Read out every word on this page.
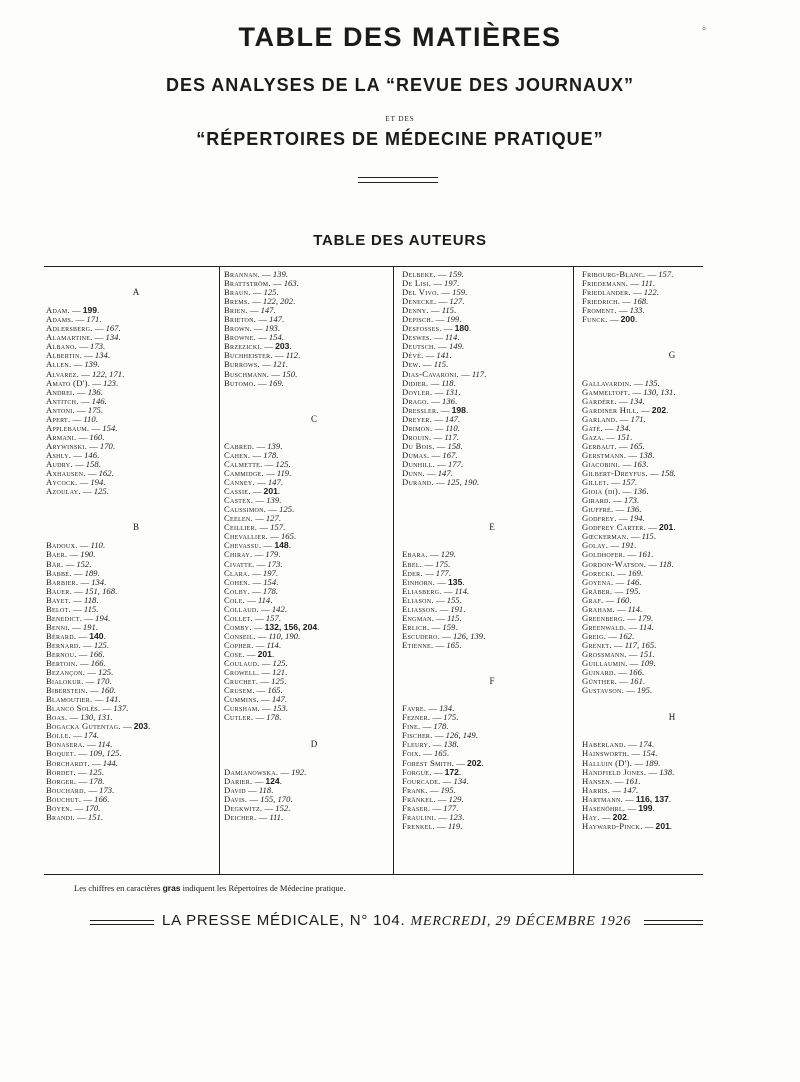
°
TABLE DES MATIÈRES
DES ANALYSES DE LA “REVUE DES JOURNAUX”
ET DES
“RÉPERTOIRES DE MÉDECINE PRATIQUE”
TABLE DES AUTEURS
A
Adam. — 199.
Adams. — 171.
Adlersberg. — 167.
Alamartine. — 134.
Albano. — 173.
Albertin. — 134.
Allen. — 139.
Alvarez. — 122, 171.
Amato (D'). — 123.
Andrei. — 136.
Antitch. — 146.
Antoni. — 175.
Apert. — 110.
Applebaum. — 154.
Armani. — 160.
Arywinski. — 170.
Ashly. — 146.
Audry. — 158.
Axhausen. — 162.
Aycock. — 194.
Azoulay. — 125.
B
Badoux. — 110.
Baer. — 190.
Bär. — 152.
Babbé. — 189.
Barbier. — 134.
Bauer. — 151, 168.
Bayet. — 118.
Belot. — 115.
Benedict. — 194.
Benni. — 191.
Bérard. — 140.
Bernard. — 125.
Bernou. — 166.
Bertoin. — 166.
Bezançon. — 125.
Bialokur. — 170.
Biberstein. — 160.
Blamoutier. — 141.
Blanco Solès. — 137.
Boas. — 130, 131.
Bogacka Gutentag. — 203.
Bolle. — 174.
Bonasera. — 114.
Boquet. — 109, 125.
Borchardt. — 144.
Bordet. — 125.
Borger. — 178.
Bouchard. — 173.
Bouchut. — 166.
Boyen. — 170.
Brandi. — 151.
Brannan. — 139.
Brattström. — 163.
Braun. — 125.
Brems. — 122, 202.
Brien. — 147.
Brieton. — 147.
Brown. — 193.
Browne. — 154.
Brzezicki. — 203.
Buchheister. — 112.
Burrows. — 121.
Buschmann. — 150.
Butomo. — 169.
C
Cabred. — 139.
Cahen. — 178.
Calmette. — 125.
Cammidge. — 119.
Canney. — 147.
Cassie. — 201.
Castex. — 139.
Caussimon. — 125.
Ceelen. — 127.
Ceillier. — 157.
Chevallier. — 165.
Chevassu. — 148.
Chiray. — 179.
Civatte. — 173.
Clara. — 197.
Cohen. — 154.
Colby. — 178.
Cole. — 114.
Collaud. — 142.
Collet. — 157.
Comby. — 132, 156, 204.
Conseil. — 110, 190.
Copher. — 114.
Cose. — 201.
Coulaud. — 125.
Crowell. — 121.
Cruchet. — 125.
Crusem. — 165.
Cummins. — 147.
Cursham. — 153.
Cutler. — 178.
D
Damianowska. — 192.
Darier. — 124.
David — 118.
Davis. — 155, 170.
Degkwitz. — 152.
Deicher. — 111.
Delbeke. — 159.
De Lisi. — 197.
Del Vivo. — 159.
Denecke. — 127.
Denny. — 115.
Depisch. — 199.
Desfosses. — 180.
Deswes. — 114.
Deutsch. — 149.
Dévé. — 141.
Dew. — 115.
Dias-Cavaroni. — 117.
Didier. — 118.
Doyler. — 131.
Drago. — 136.
Dressler. — 198.
Dreyer. — 147.
Drimon. — 110.
Drouin. — 117.
Du Bois. — 158.
Dumas. — 167.
Dunhill. — 177.
Dunn. — 147.
Durand. — 125, 190.
E
Ebara. — 129.
Ebel. — 175.
Eder. — 177.
Einhorn. — 135.
Eliasberg. — 114.
Eliason. — 155.
Eliasson. — 191.
Engman. — 115.
Erlich. — 159.
Escudero. — 126, 139.
Etienne. — 165.
F
Favre. — 134.
Fezner. — 175.
Fine. — 178.
Fischer. — 126, 149.
Fleury. — 138.
Foix. — 165.
Forest Smith. — 202.
Forgue. — 172.
Fourcade. — 134.
Frank. — 195.
Fränkel. — 129.
Fraser. — 177.
Fraulini. — 123.
Frenkel. — 119.
Fribourg-Blanc. — 157.
Friedemann. — 111.
Friedlander. — 122.
Friedrich. — 168.
Froment. — 133.
Funck. — 200.
G
Gallavardin. — 135.
Gammeltoft. — 130, 131.
Gardère. — 134.
Gardiner Hill. — 202.
Garland. — 171.
Gaté. — 134.
Gaza. — 151.
Gerbaut. — 165.
Gerstmann. — 138.
Giacobini. — 163.
Gilbert-Dreyfus. — 158.
Gillet. — 157.
Gioia (di). — 136.
Girard. — 173.
Giuffré. — 136.
Godfrey. — 194.
Godfrey Carter. — 201.
Gœckerman. — 115.
Golay. — 191.
Goldhofer. — 161.
Gordon-Watson. — 118.
Gorecki. — 169.
Goyena. — 146.
Gräber. — 195.
Graf. — 160.
Graham. — 114.
Greenberg. — 179.
Greenwald. — 114.
Greig. — 162.
Grenet. — 117, 165.
Grossmann. — 151.
Guillaumin. — 109.
Guinard. — 166.
Günther. — 161.
Gustavson. — 195.
H
Haberland. — 174.
Hainsworth. — 154.
Halluin (D'). — 189.
Handfield Jones. — 138.
Hansen. — 161.
Harris. — 147.
Hartmann. — 116, 137.
Hasenöhrl. — 199.
Hay. — 202.
Hayward-Pinck. — 201.
Les chiffres en caractères gras indiquent les Répertoires de Médecine pratique.
LA PRESSE MÉDICALE, N° 104. MERCREDI, 29 DÉCEMBRE 1926
